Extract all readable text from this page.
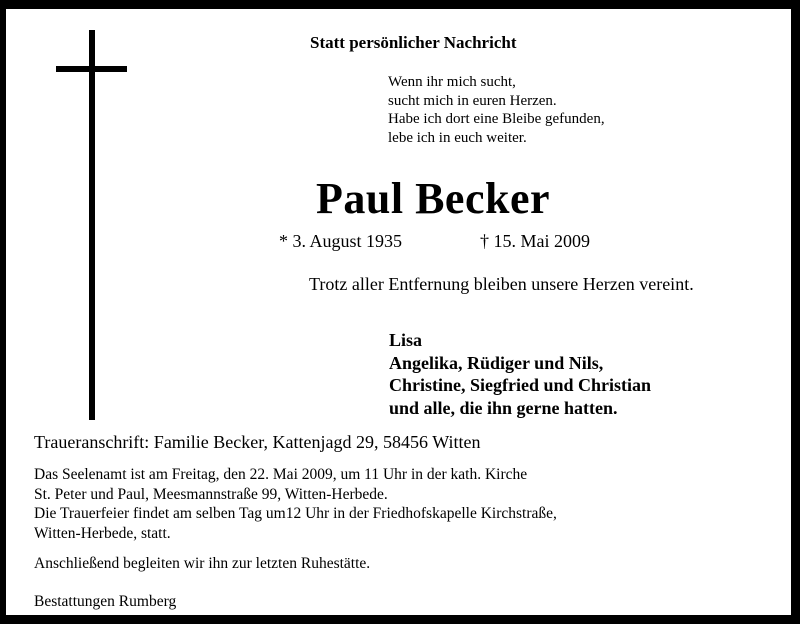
Statt persönlicher Nachricht
Wenn ihr mich sucht,
sucht mich in euren Herzen.
Habe ich dort eine Bleibe gefunden,
lebe ich in euch weiter.
Paul Becker
* 3. August 1935	† 15. Mai 2009
Trotz aller Entfernung bleiben unsere Herzen vereint.
Lisa
Angelika, Rüdiger und Nils,
Christine, Siegfried und Christian
und alle, die ihn gerne hatten.
Traueranschrift: Familie Becker, Kattenjagd 29, 58456 Witten
Das Seelenamt ist am Freitag, den 22. Mai 2009, um 11 Uhr in der kath. Kirche
St. Peter und Paul, Meesmannstraße 99, Witten-Herbede.
Die Trauerfeier findet am selben Tag um12 Uhr in der Friedhofskapelle Kirchstraße,
Witten-Herbede, statt.
Anschließend begleiten wir ihn zur letzten Ruhestätte.
Bestattungen Rumberg
